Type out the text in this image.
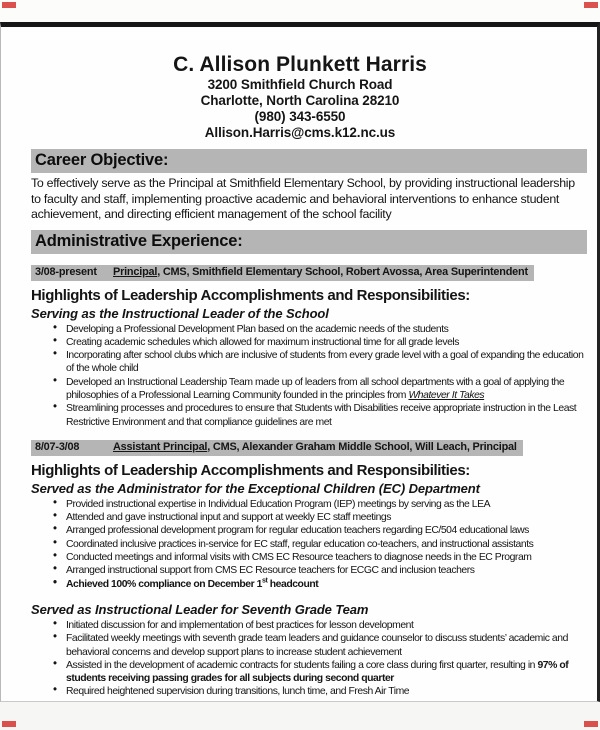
C. Allison Plunkett Harris
3200 Smithfield Church Road
Charlotte, North Carolina 28210
(980) 343-6550
Allison.Harris@cms.k12.nc.us
Career Objective:
To effectively serve as the Principal at Smithfield Elementary School, by providing instructional leadership to faculty and staff, implementing proactive academic and behavioral interventions to enhance student achievement, and directing efficient management of the school facility
Administrative Experience:
3/08-present Principal, CMS, Smithfield Elementary School, Robert Avossa, Area Superintendent
Highlights of Leadership Accomplishments and Responsibilities:
Serving as the Instructional Leader of the School
• Developing a Professional Development Plan based on the academic needs of the students
• Creating academic schedules which allowed for maximum instructional time for all grade levels
• Incorporating after school clubs which are inclusive of students from every grade level with a goal of expanding the education of the whole child
• Developed an Instructional Leadership Team made up of leaders from all school departments with a goal of applying the philosophies of a Professional Learning Community founded in the principles from Whatever It Takes
• Streamlining processes and procedures to ensure that Students with Disabilities receive appropriate instruction in the Least Restrictive Environment and that compliance guidelines are met
8/07-3/08	Assistant Principal, CMS, Alexander Graham Middle School, Will Leach, Principal
Highlights of Leadership Accomplishments and Responsibilities:
Served as the Administrator for the Exceptional Children (EC) Department
• Provided instructional expertise in Individual Education Program (IEP) meetings by serving as the LEA
• Attended and gave instructional input and support at weekly EC staff meetings
• Arranged professional development program for regular education teachers regarding EC/504 educational laws
• Coordinated inclusive practices in-service for EC staff, regular education co-teachers, and instructional assistants
• Conducted meetings and informal visits with CMS EC Resource teachers to diagnose needs in the EC Program
• Arranged instructional support from CMS EC Resource teachers for ECGC and inclusion teachers
• Achieved 100% compliance on December 1st headcount
Served as Instructional Leader for Seventh Grade Team
• Initiated discussion for and implementation of best practices for lesson development
• Facilitated weekly meetings with seventh grade team leaders and guidance counselor to discuss students’ academic and behavioral concerns and develop support plans to increase student achievement
• Assisted in the development of academic contracts for students failing a core class during first quarter, resulting in 97% of students receiving passing grades for all subjects during second quarter
• Required heightened supervision during transitions, lunch time, and Fresh Air Time
